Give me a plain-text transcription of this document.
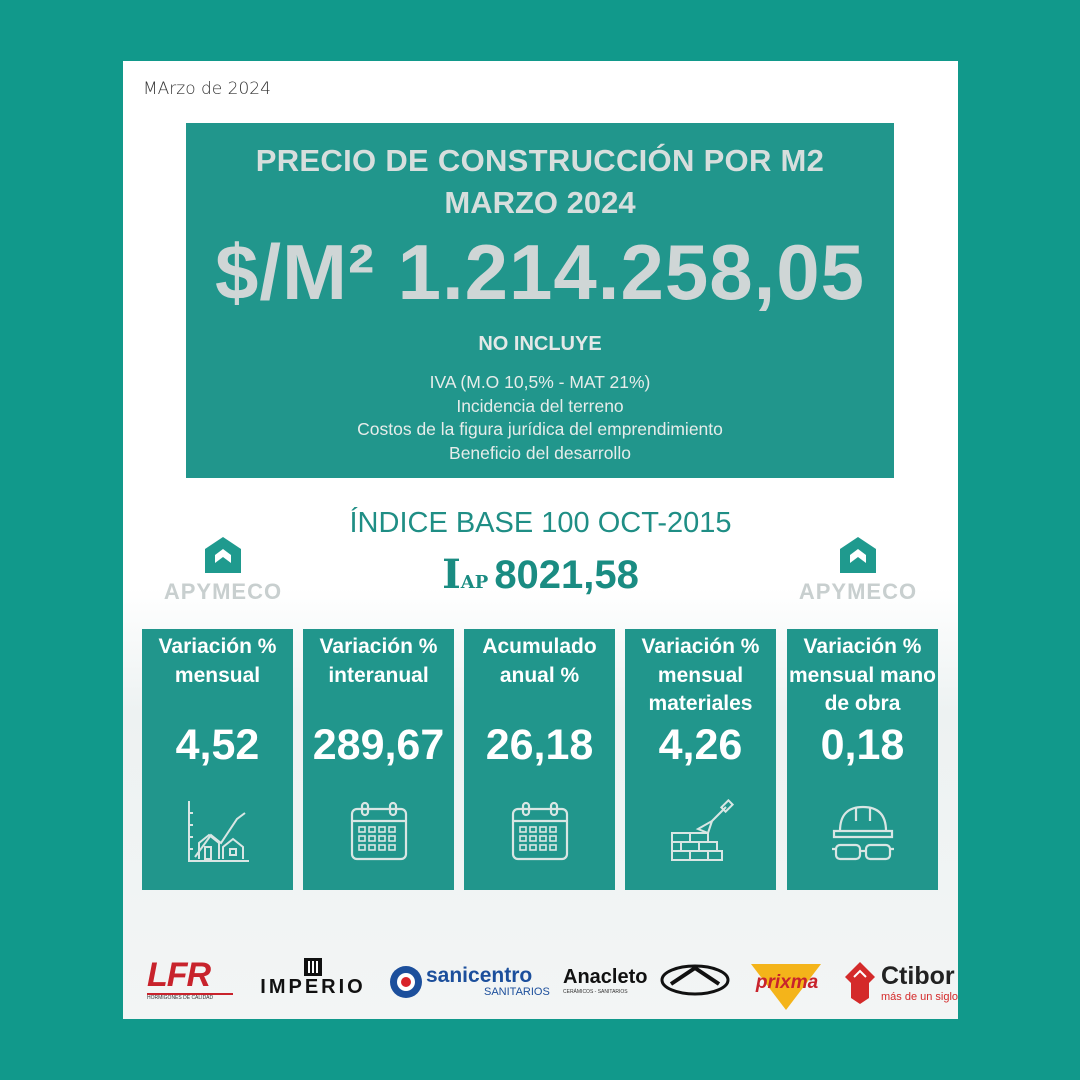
MArzo de 2024
PRECIO DE CONSTRUCCIÓN POR M2
MARZO 2024
$/M² 1.214.258,05
NO INCLUYE
IVA (M.O 10,5% - MAT 21%)
Incidencia del terreno
Costos de la figura jurídica del emprendimiento
Beneficio del desarrollo
APYMECO	APYMECO
ÍNDICE BASE 100 OCT-2015
IAP 8021,58
Variación % mensual
4,52
Variación % interanual
289,67
Acumulado anual %
26,18
Variación % mensual materiales
4,26
Variación % mensual mano de obra
0,18
LFR
HORMIGONES DE CALIDAD	IMPERIO	sanicentro
SANITARIOS
Anacleto
CERÁMICOS - SANITARIOS	prixma	Ctibor
más de un siglo
